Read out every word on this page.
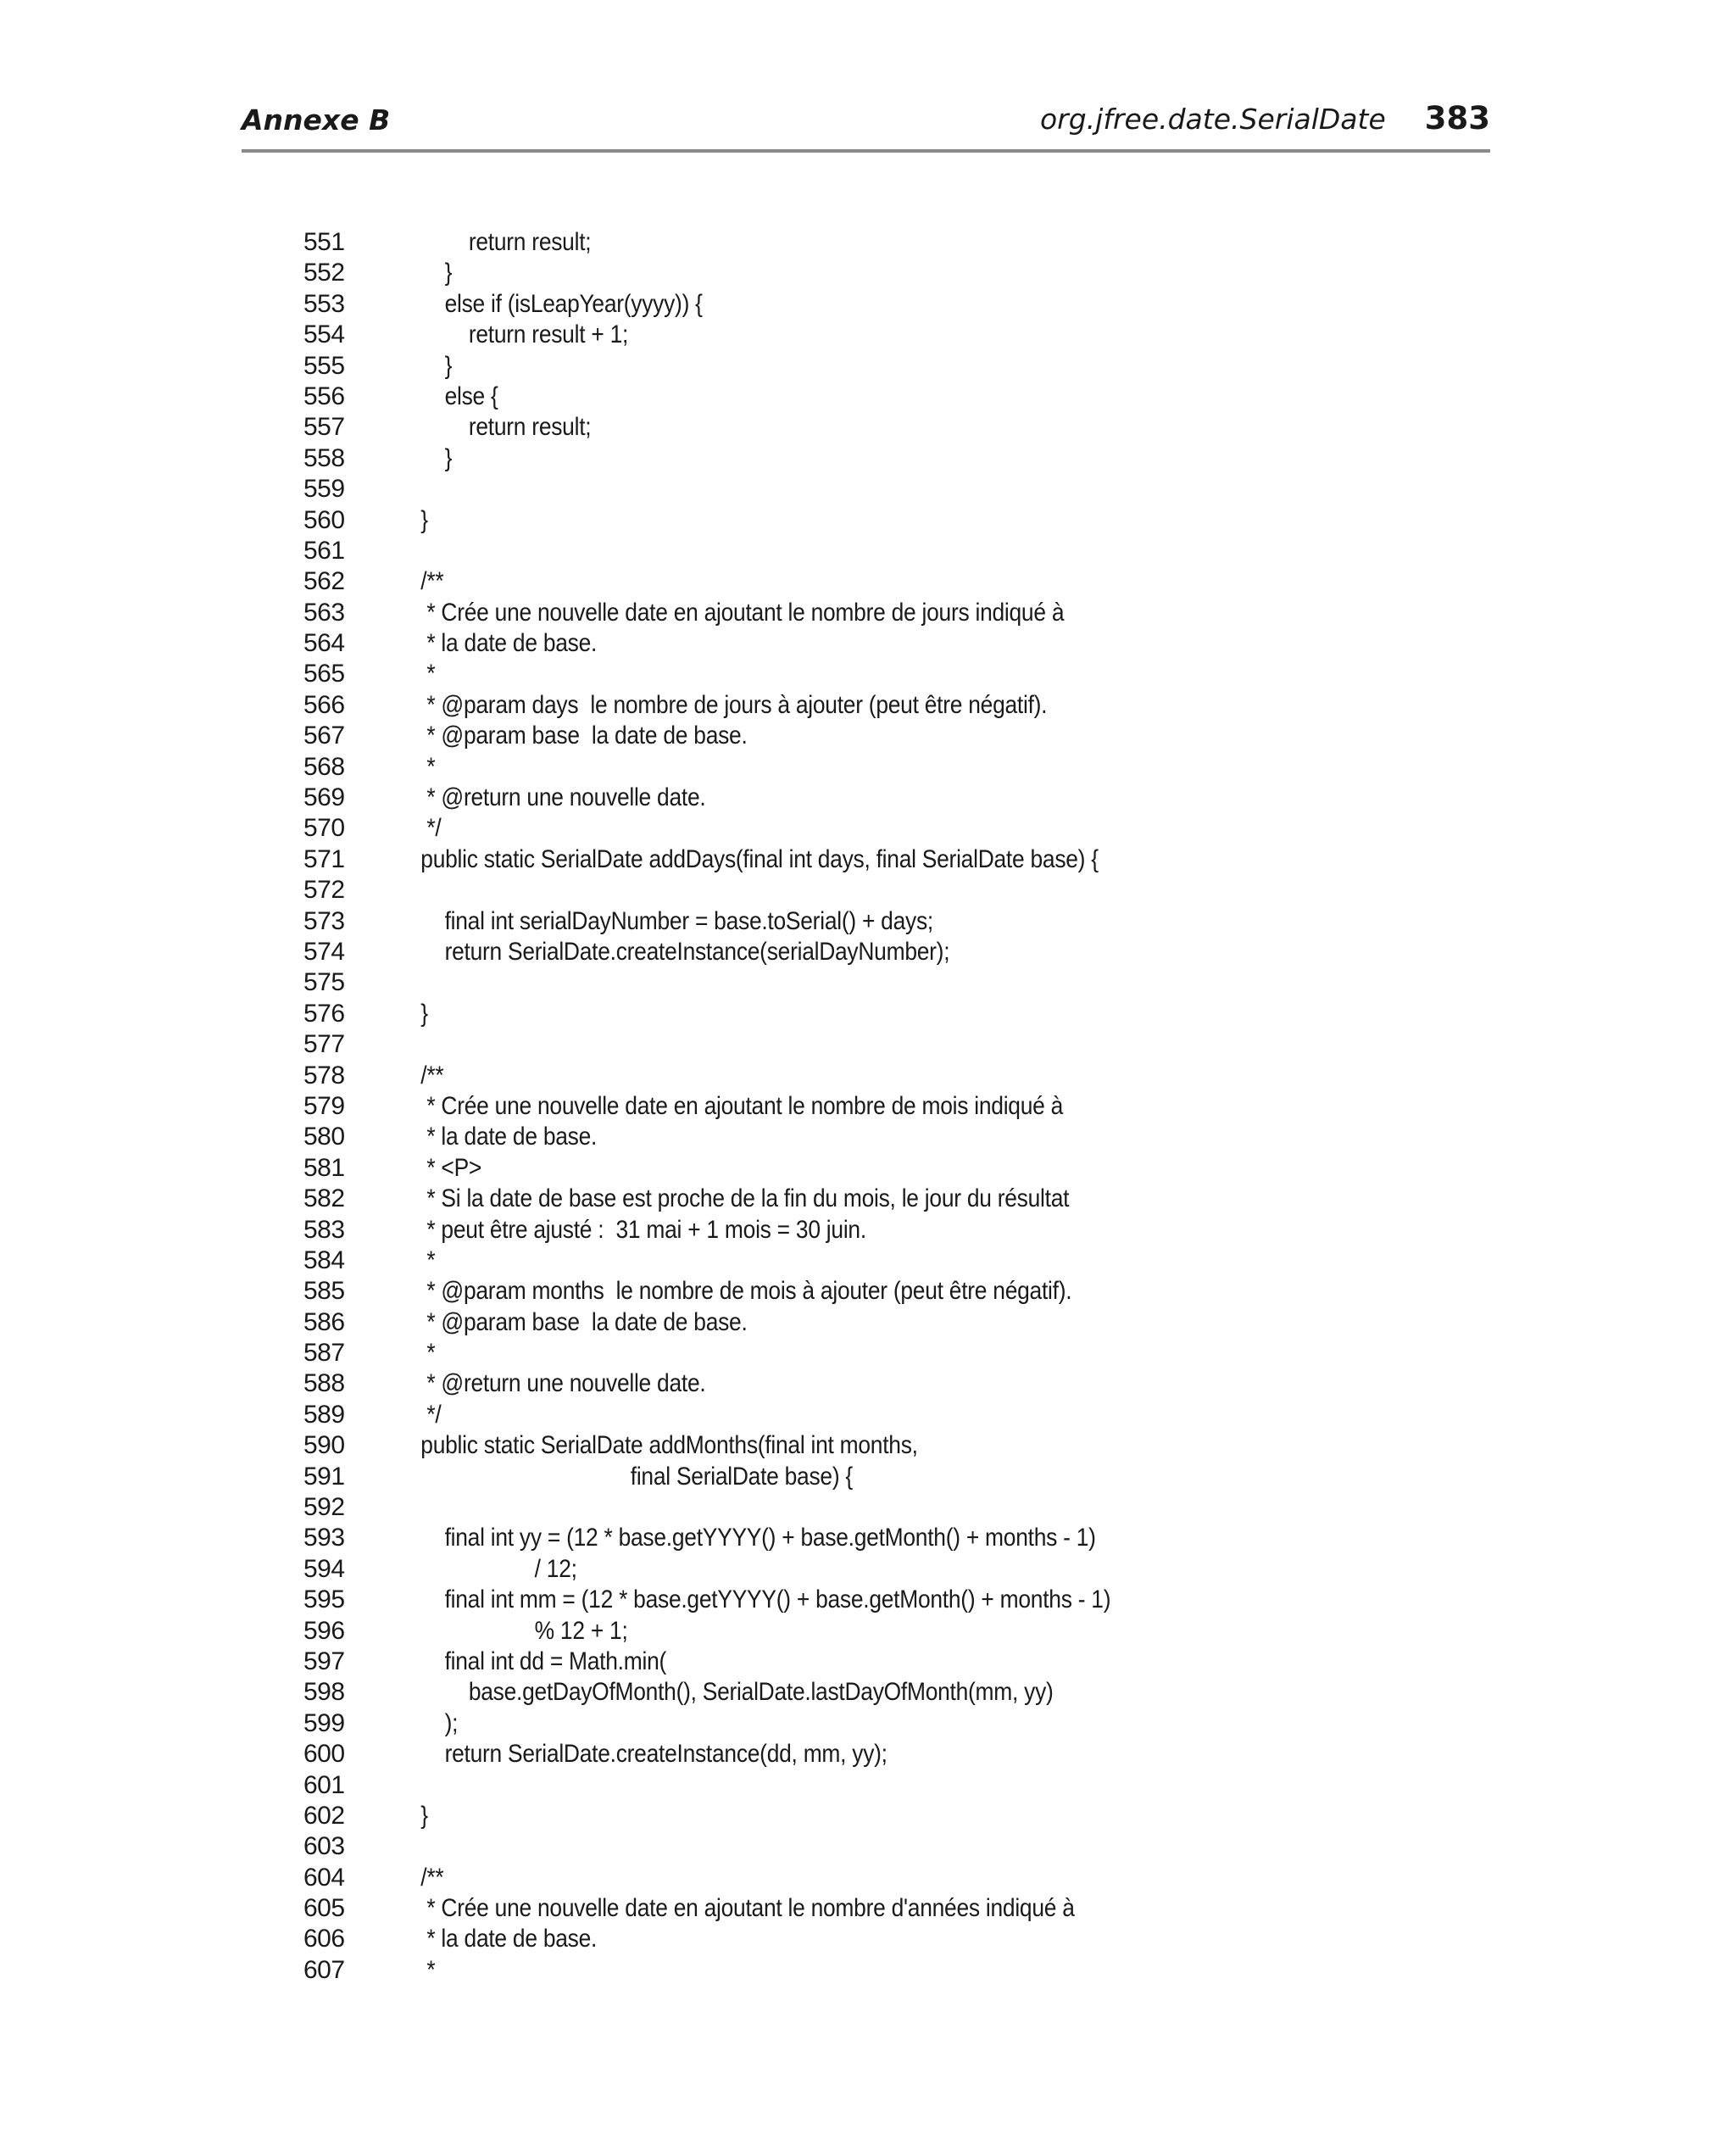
Annexe B	org.jfree.date.SerialDate 383
551	return result;
552	}
553	else if (isLeapYear(yyyy)) {
554	return result + 1;
555	}
556	else {
557	return result;
558	}
559
560	}
561
562	/**
563	* Crée une nouvelle date en ajoutant le nombre de jours indiqué à
564	* la date de base.
565	*
566	* @param days  le nombre de jours à ajouter (peut être négatif).
567	* @param base  la date de base.
568	*
569	* @return une nouvelle date.
570	*/
571	public static SerialDate addDays(final int days, final SerialDate base) {
572
573	final int serialDayNumber = base.toSerial() + days;
574	return SerialDate.createInstance(serialDayNumber);
575
576	}
577
578	/**
579	* Crée une nouvelle date en ajoutant le nombre de mois indiqué à
580	* la date de base.
581	* <P>
582	* Si la date de base est proche de la fin du mois, le jour du résultat
583	* peut être ajusté :  31 mai + 1 mois = 30 juin.
584	*
585	* @param months  le nombre de mois à ajouter (peut être négatif).
586	* @param base  la date de base.
587	*
588	* @return une nouvelle date.
589	*/
590	public static SerialDate addMonths(final int months,
591	final SerialDate base) {
592
593	final int yy = (12 * base.getYYYY() + base.getMonth() + months - 1)
594	/ 12;
595	final int mm = (12 * base.getYYYY() + base.getMonth() + months - 1)
596	% 12 + 1;
597	final int dd = Math.min(
598	base.getDayOfMonth(), SerialDate.lastDayOfMonth(mm, yy)
599	);
600	return SerialDate.createInstance(dd, mm, yy);
601
602	}
603
604	/**
605	* Crée une nouvelle date en ajoutant le nombre d'années indiqué à
606	* la date de base.
607	*
